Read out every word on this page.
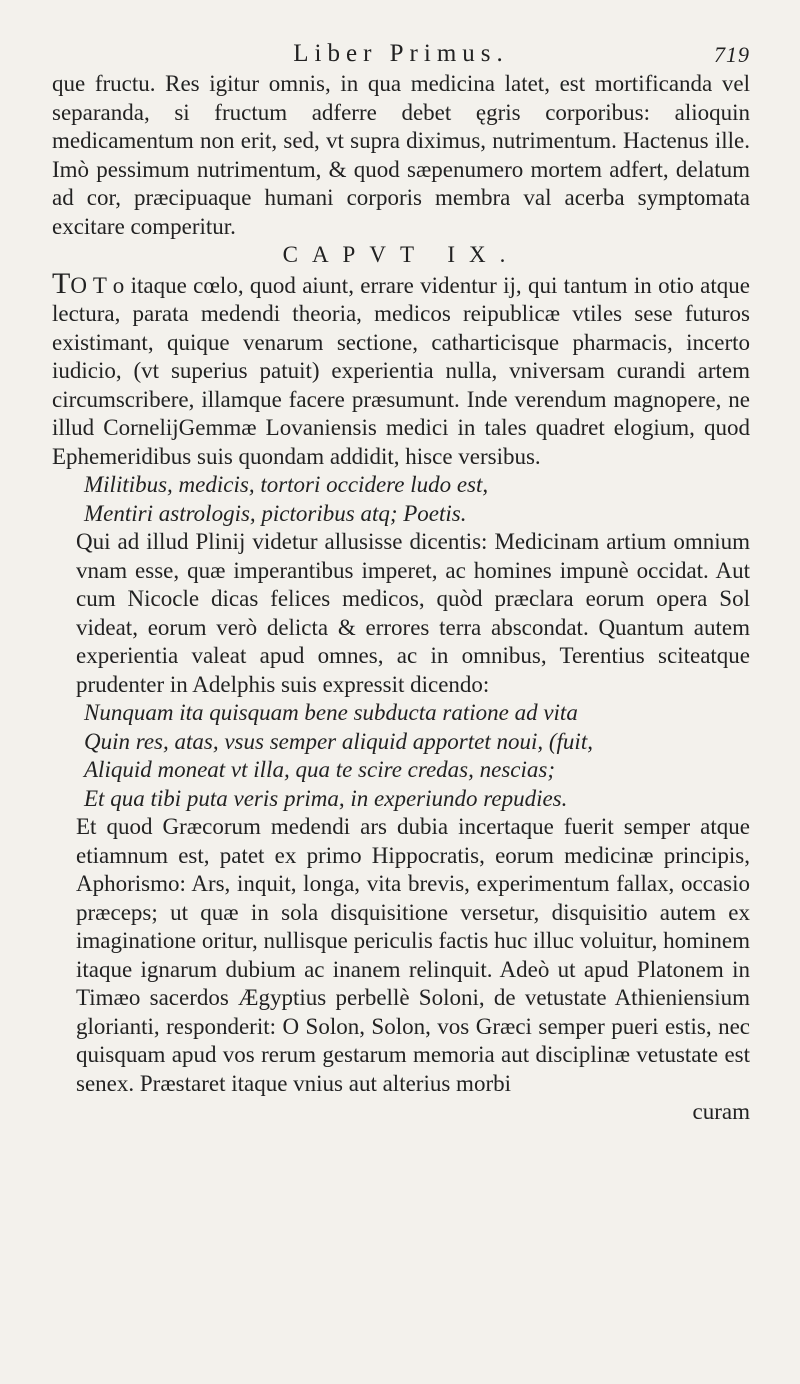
Liber Primus.	719

que fructu. Res igitur omnis, in qua medicina latet, est mortificanda vel separanda, si fructum adferre debet ęgris corporibus: alioquin medicamentum non erit, sed, vt supra diximus, nutrimentum. Hactenus ille. Imò pessimum nutrimentum, & quod sæpenumero mortem adfert, delatum ad cor, præcipuaque humani corporis membra val acerba symptomata excitare comperitur.

CAPVT IX.

TO T o itaque cœlo, quod aiunt, errare videntur ij, qui tantum in otio atque lectura, parata medendi theoria, medicos reipublicæ vtiles sese futuros existimant, quique venarum sectione, catharticisque pharmacis, incerto iudicio, (vt superius patuit) experientia nulla, vniversam curandi artem circumscribere, illamque facere præsumunt. Inde verendum magnopere, ne illud CornelijGemmæ Lovaniensis medici in tales quadret elogium, quod Ephemeridibus suis quondam addidit, hisce versibus.

Militibus, medicis, tortori occidere ludo est,

Mentiri astrologis, pictoribus atq; Poetis.

Qui ad illud Plinij videtur allusisse dicentis: Medicinam artium omnium vnam esse, quæ imperantibus imperet, ac homines impunè occidat. Aut cum Nicocle dicas felices medicos, quòd præclara eorum opera Sol videat, eorum verò delicta & errores terra abscondat. Quantum autem experientia valeat apud omnes, ac in omnibus, Terentius sciteatque prudenter in Adelphis suis expressit dicendo:

Nunquam ita quisquam bene subducta ratione ad vita

Quin res, atas, vsus semper aliquid apportet noui, (fuit,

Aliquid moneat vt illa, qua te scire credas, nescias;

Et qua tibi puta veris prima, in experiundo repudies.

Et quod Græcorum medendi ars dubia incertaque fuerit semper atque etiamnum est, patet ex primo Hippocratis, eorum medicinæ principis, Aphorismo: Ars, inquit, longa, vita brevis, experimentum fallax, occasio præceps; ut quæ in sola disquisitione versetur, disquisitio autem ex imaginatione oritur, nullisque periculis factis huc illuc voluitur, hominem itaque ignarum dubium ac inanem relinquit. Adeò ut apud Platonem in Timæo sacerdos Ægyptius perbellè Soloni, de vetustate Athieniensium glorianti, responderit: O Solon, Solon, vos Græci semper pueri estis, nec quisquam apud vos rerum gestarum memoria aut disciplinæ vetustate est senex. Præstaret itaque vnius aut alterius morbi

curam
